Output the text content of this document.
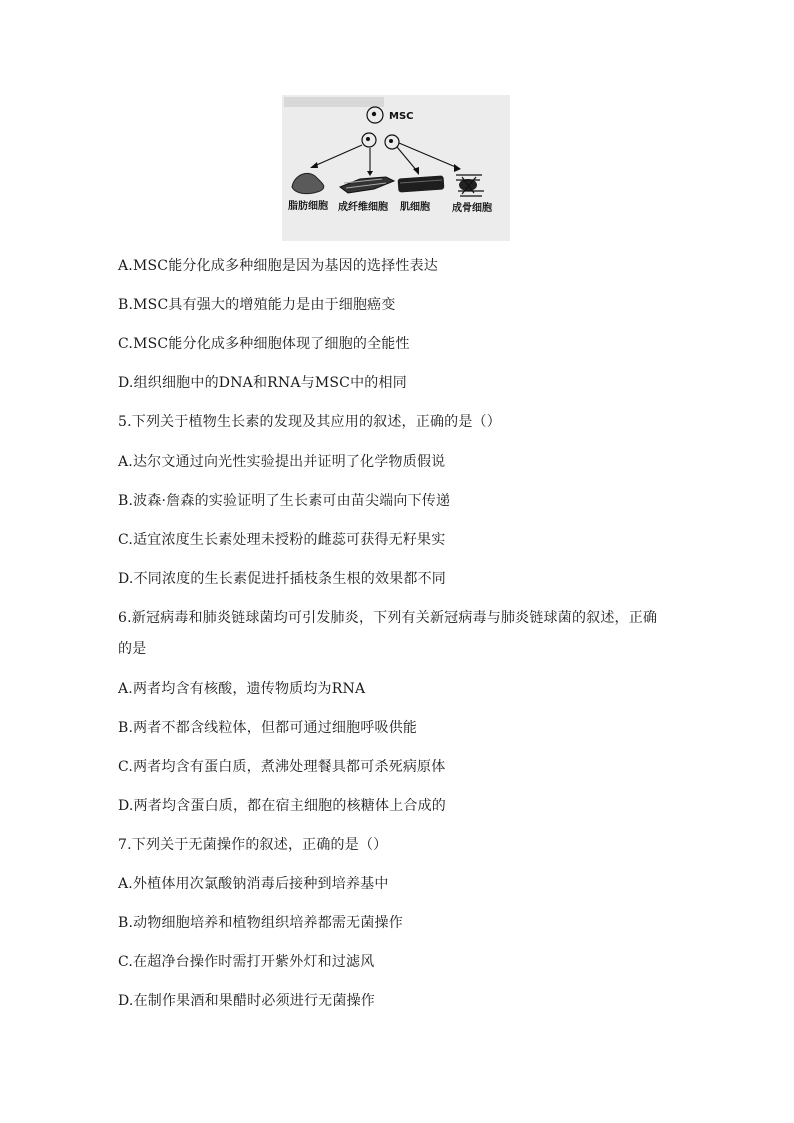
MSC
脂肪细胞 成纤维细胞 肌细胞 成骨细胞
A.MSC能分化成多种细胞是因为基因的选择性表达
B.MSC具有强大的增殖能力是由于细胞癌变
C.MSC能分化成多种细胞体现了细胞的全能性
D.组织细胞中的DNA和RNA与MSC中的相同
5.下列关于植物生长素的发现及其应用的叙述，正确的是（）
A.达尔文通过向光性实验提出并证明了化学物质假说
B.波森·詹森的实验证明了生长素可由苗尖端向下传递
C.适宜浓度生长素处理未授粉的雌蕊可获得无籽果实
D.不同浓度的生长素促进扦插枝条生根的效果都不同
6.新冠病毒和肺炎链球菌均可引发肺炎，下列有关新冠病毒与肺炎链球菌的叙述，正确
的是
A.两者均含有核酸，遗传物质均为RNA
B.两者不都含线粒体，但都可通过细胞呼吸供能
C.两者均含有蛋白质，煮沸处理餐具都可杀死病原体
D.两者均含蛋白质，都在宿主细胞的核糖体上合成的
7.下列关于无菌操作的叙述，正确的是（）
A.外植体用次氯酸钠消毒后接种到培养基中
B.动物细胞培养和植物组织培养都需无菌操作
C.在超净台操作时需打开紫外灯和过滤风
D.在制作果酒和果醋时必须进行无菌操作
